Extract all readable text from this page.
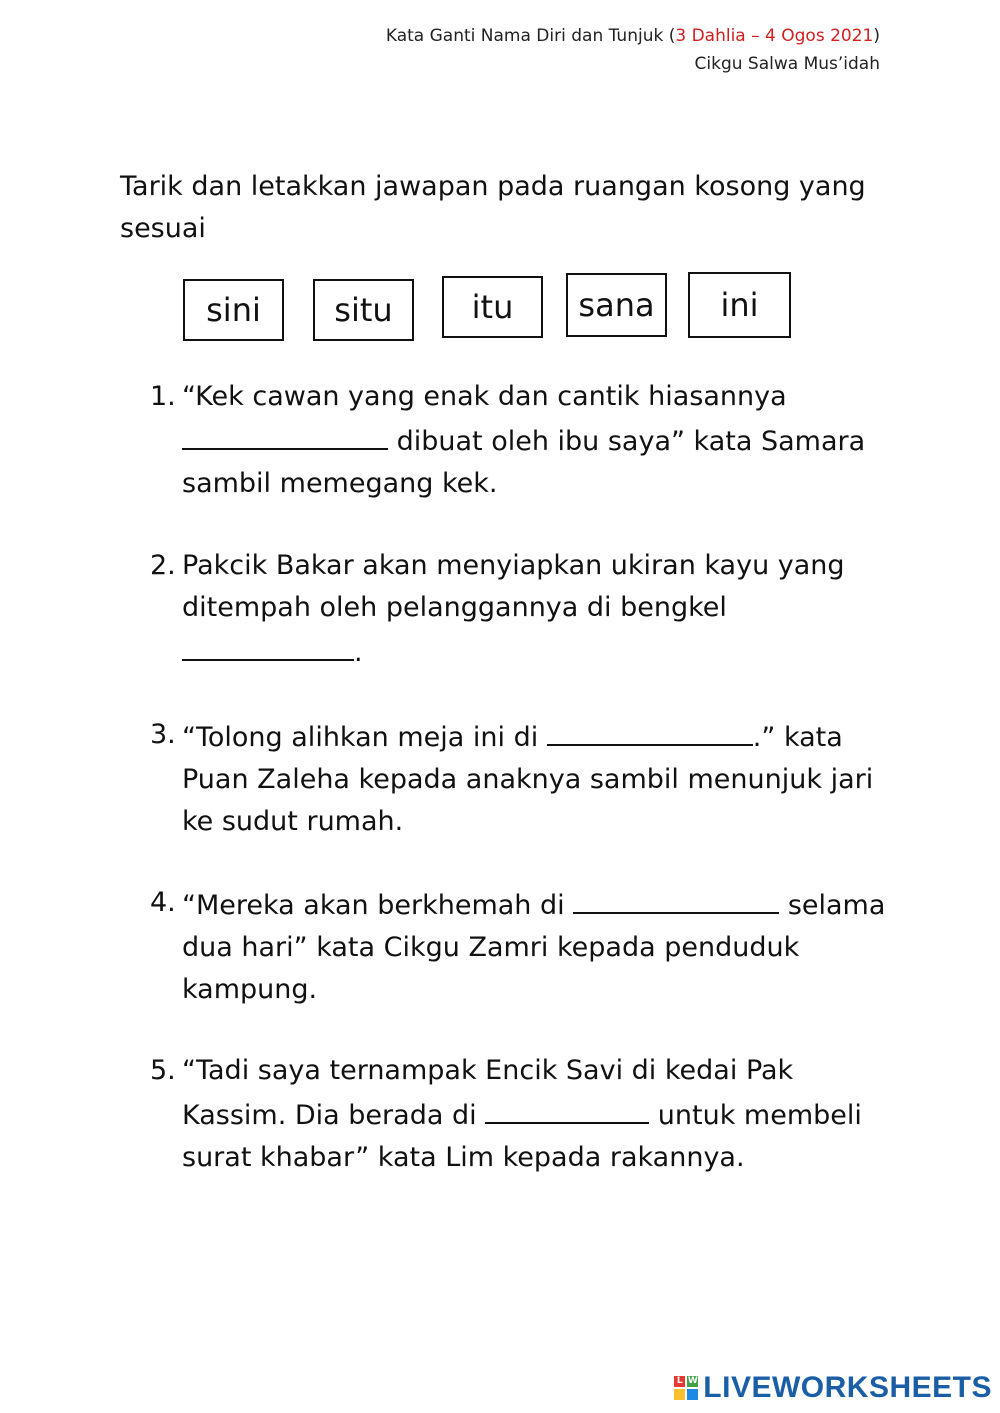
Kata Ganti Nama Diri dan Tunjuk (3 Dahlia – 4 Ogos 2021)
Cikgu Salwa Mus’idah
Tarik dan letakkan jawapan pada ruangan kosong yang sesuai
sini	situ	itu	sana	ini
1. “Kek cawan yang enak dan cantik hiasannya  dibuat oleh ibu saya” kata Samara sambil memegang kek.
2. Pakcik Bakar akan menyiapkan ukiran kayu yang ditempah oleh pelanggannya di bengkel .
3. “Tolong alihkan meja ini di	.” kata Puan Zaleha kepada anaknya sambil menunjuk jari ke sudut rumah.
4. “Mereka akan berkhemah di	selama dua hari” kata Cikgu Zamri kepada penduduk kampung.
5. “Tadi saya ternampak Encik Savi di kedai Pak Kassim. Dia berada di	untuk membeli surat khabar” kata Lim kepada rakannya.
L W LIVEWORKSHEETS
